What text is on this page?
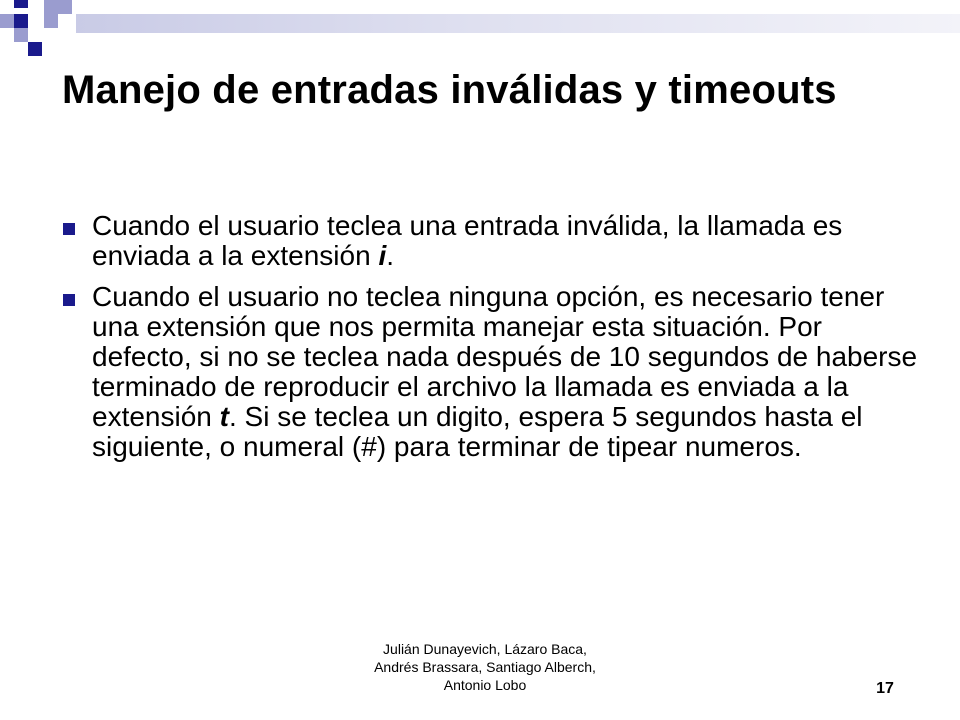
Manejo de entradas inválidas y timeouts
Cuando el usuario teclea una entrada inválida, la llamada es enviada a la extensión i.
Cuando el usuario no teclea ninguna opción, es necesario tener una extensión que nos permita manejar esta situación. Por defecto, si no se teclea nada después de 10 segundos de haberse terminado de reproducir el archivo la llamada es enviada a la extensión t. Si se teclea un digito, espera 5 segundos hasta el siguiente, o numeral (#) para terminar de tipear numeros.
Julián Dunayevich, Lázaro Baca,
Andrés Brassara, Santiago Alberch,
Antonio Lobo	17
